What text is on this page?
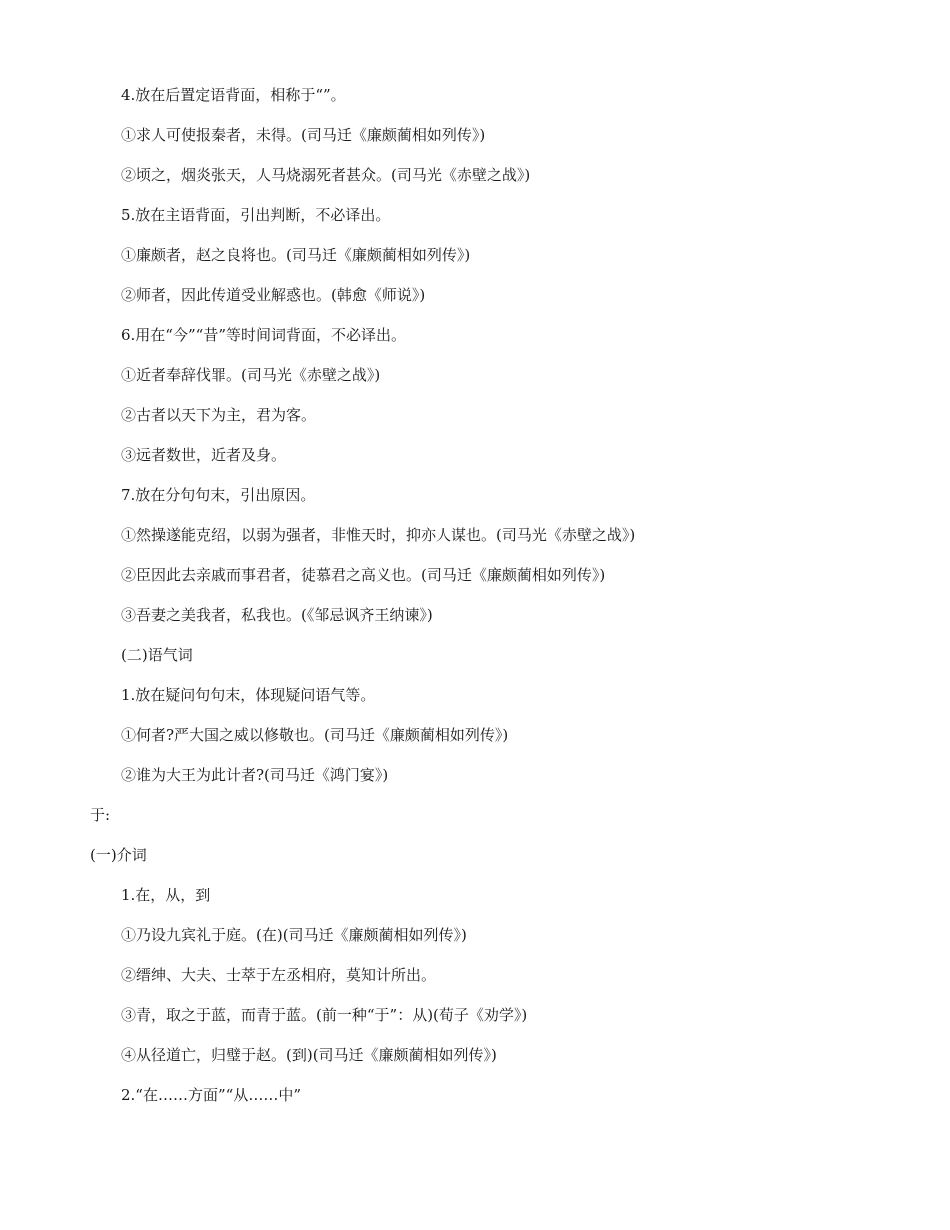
4.放在后置定语背面，相称于“”。
①求人可使报秦者，未得。(司马迁《廉颇蔺相如列传》)
②顷之，烟炎张天，人马烧溺死者甚众。(司马光《赤壁之战》)
5.放在主语背面，引出判断，不必译出。
①廉颇者，赵之良将也。(司马迁《廉颇蔺相如列传》)
②师者，因此传道受业解惑也。(韩愈《师说》)
6.用在“今”“昔”等时间词背面，不必译出。
①近者奉辞伐罪。(司马光《赤壁之战》)
②古者以天下为主，君为客。
③远者数世，近者及身。
7.放在分句句末，引出原因。
①然操遂能克绍，以弱为强者，非惟天时，抑亦人谋也。(司马光《赤壁之战》)
②臣因此去亲戚而事君者，徒慕君之高义也。(司马迁《廉颇蔺相如列传》)
③吾妻之美我者，私我也。(《邹忌讽齐王纳谏》)
(二)语气词
1.放在疑问句句末，体现疑问语气等。
①何者?严大国之威以修敬也。(司马迁《廉颇蔺相如列传》)
②谁为大王为此计者?(司马迁《鸿门宴》)
于:
(一)介词
1.在，从，到
①乃设九宾礼于庭。(在)(司马迁《廉颇蔺相如列传》)
②缙绅、大夫、士萃于左丞相府，莫知计所出。
③青，取之于蓝，而青于蓝。(前一种“于”：从)(荀子《劝学》)
④从径道亡，归璧于赵。(到)(司马迁《廉颇蔺相如列传》)
2.“在……方面”“从……中”
